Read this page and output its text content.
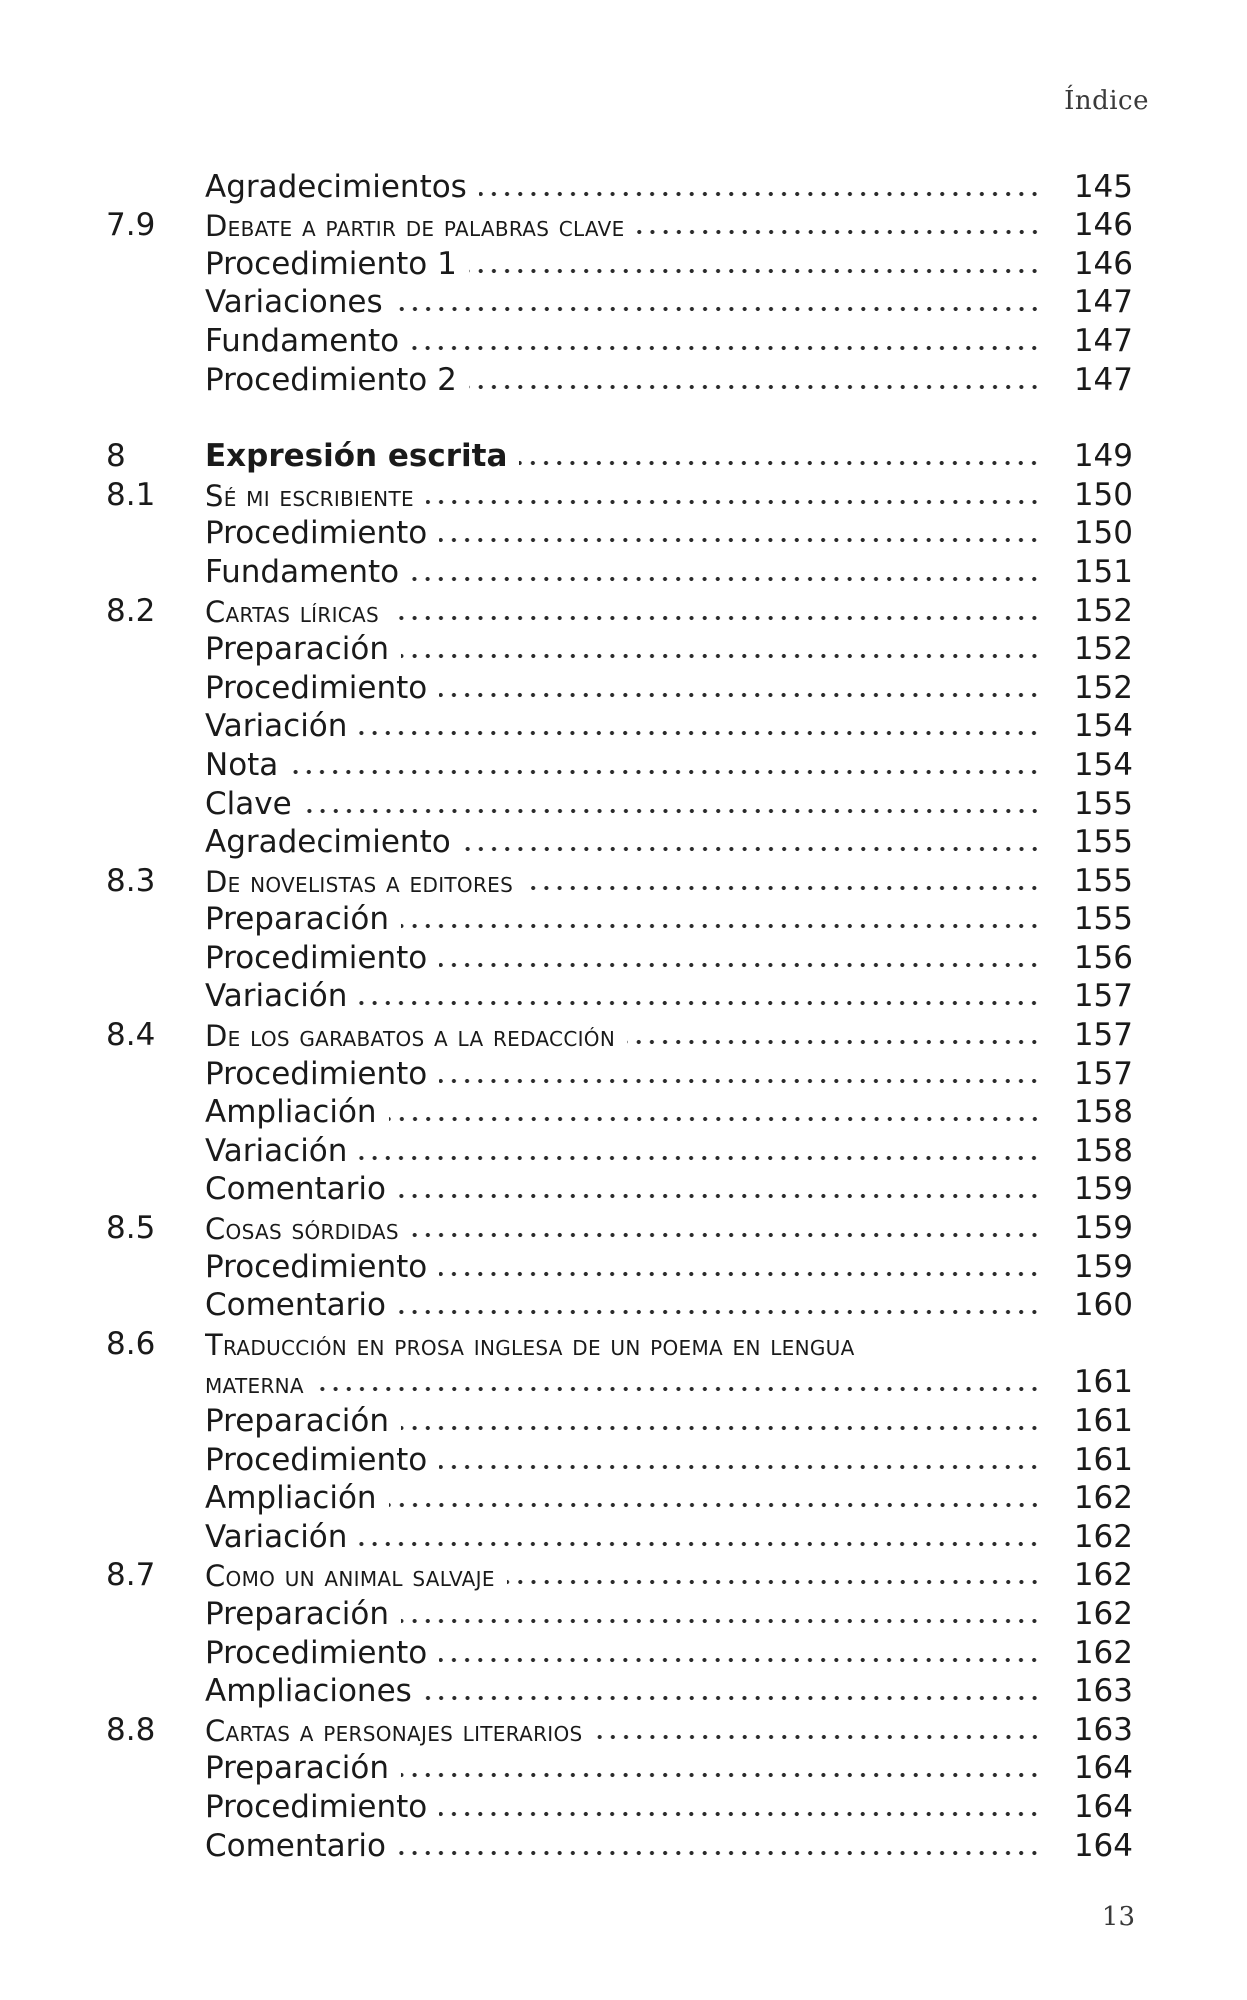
Índice
Agradecimientos	145
7.9 Debate a partir de palabras clave	146
Procedimiento 1	146
Variaciones	147
Fundamento	147
Procedimiento 2	147
8	Expresión escrita	149
8.1 Sé mi escribiente	150
Procedimiento	150
Fundamento	151
8.2 Cartas líricas	152
Preparación	152
Procedimiento	152
Variación	154
Nota	154
Clave	155
Agradecimiento	155
8.3 De novelistas a editores	155
Preparación	155
Procedimiento	156
Variación	157
8.4 De los garabatos a la redacción	157
Procedimiento	157
Ampliación	158
Variación	158
Comentario	159
8.5 Cosas sórdidas	159
Procedimiento	159
Comentario	160
8.6 Traducción en prosa inglesa de un poema en lengua
materna	161
Preparación	161
Procedimiento	161
Ampliación	162
Variación	162
8.7 Como un animal salvaje	162
Preparación	162
Procedimiento	162
Ampliaciones	163
8.8 Cartas a personajes literarios	163
Preparación	164
Procedimiento	164
Comentario	164
13
